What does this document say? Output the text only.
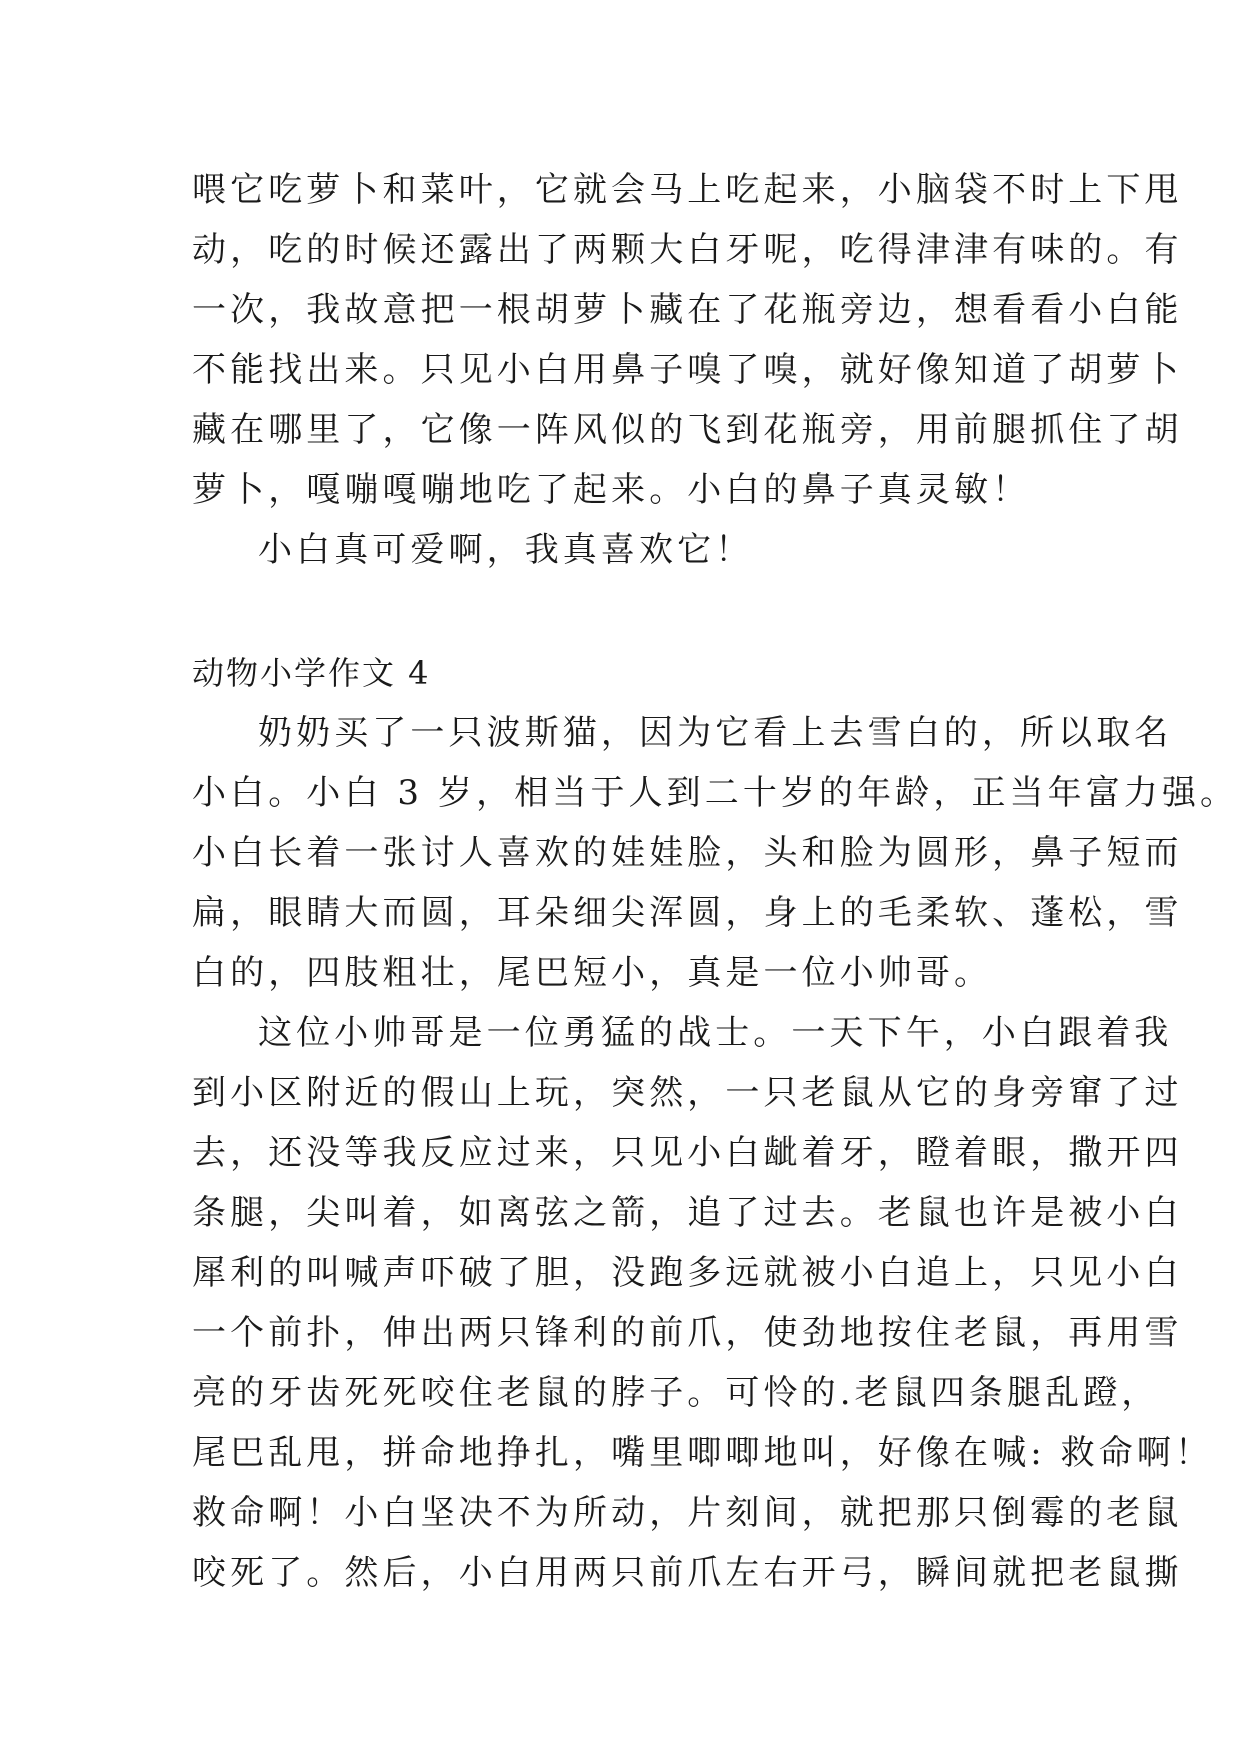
喂它吃萝卜和菜叶，它就会马上吃起来，小脑袋不时上下甩
动，吃的时候还露出了两颗大白牙呢，吃得津津有味的。有
一次，我故意把一根胡萝卜藏在了花瓶旁边，想看看小白能
不能找出来。只见小白用鼻子嗅了嗅，就好像知道了胡萝卜
藏在哪里了，它像一阵风似的飞到花瓶旁，用前腿抓住了胡
萝卜，嘎嘣嘎嘣地吃了起来。小白的鼻子真灵敏！
小白真可爱啊，我真喜欢它！
动物小学作文 4
奶奶买了一只波斯猫，因为它看上去雪白的，所以取名
小白。小白 3 岁，相当于人到二十岁的年龄，正当年富力强。
小白长着一张讨人喜欢的娃娃脸，头和脸为圆形，鼻子短而
扁，眼睛大而圆，耳朵细尖浑圆，身上的毛柔软、蓬松，雪
白的，四肢粗壮，尾巴短小，真是一位小帅哥。
这位小帅哥是一位勇猛的战士。一天下午，小白跟着我
到小区附近的假山上玩，突然，一只老鼠从它的身旁窜了过
去，还没等我反应过来，只见小白龇着牙，瞪着眼，撒开四
条腿，尖叫着，如离弦之箭，追了过去。老鼠也许是被小白
犀利的叫喊声吓破了胆，没跑多远就被小白追上，只见小白
一个前扑，伸出两只锋利的前爪，使劲地按住老鼠，再用雪
亮的牙齿死死咬住老鼠的脖子。可怜的.老鼠四条腿乱蹬，
尾巴乱甩，拼命地挣扎，嘴里唧唧地叫，好像在喊: 救命啊！
救命啊！小白坚决不为所动，片刻间，就把那只倒霉的老鼠
咬死了。然后，小白用两只前爪左右开弓，瞬间就把老鼠撕
